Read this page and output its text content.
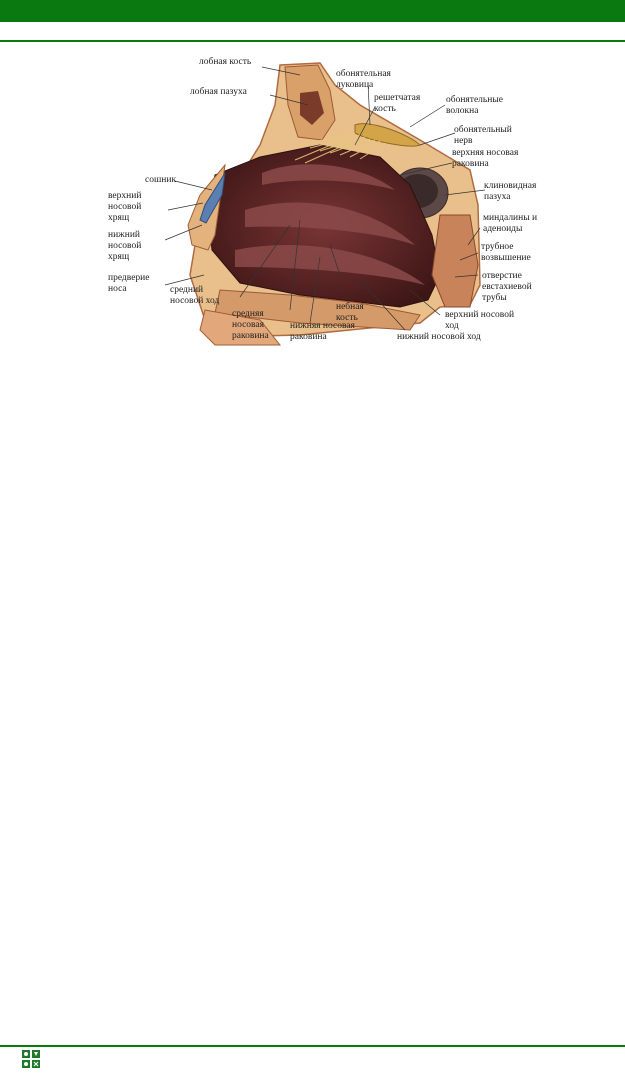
лобная кость
лобная пазуха
обонятельная
луковица
решетчатая
кость
обонятельные
волокна
обонятельный
нерв
верхняя носовая
раковина
сошник
верхний
носовой
хрящ
клиновидная
пазуха
нижний
носовой
хрящ
миндалины и
аденоиды
трубное
возвышение
предверие
носа
отверстие
евстахиевой
трубы
средний
носовой ход
небная
кость	верхний носовой
ход
средняя
носовая
раковина
нижняя носовая
раковина	нижний носовой ход
